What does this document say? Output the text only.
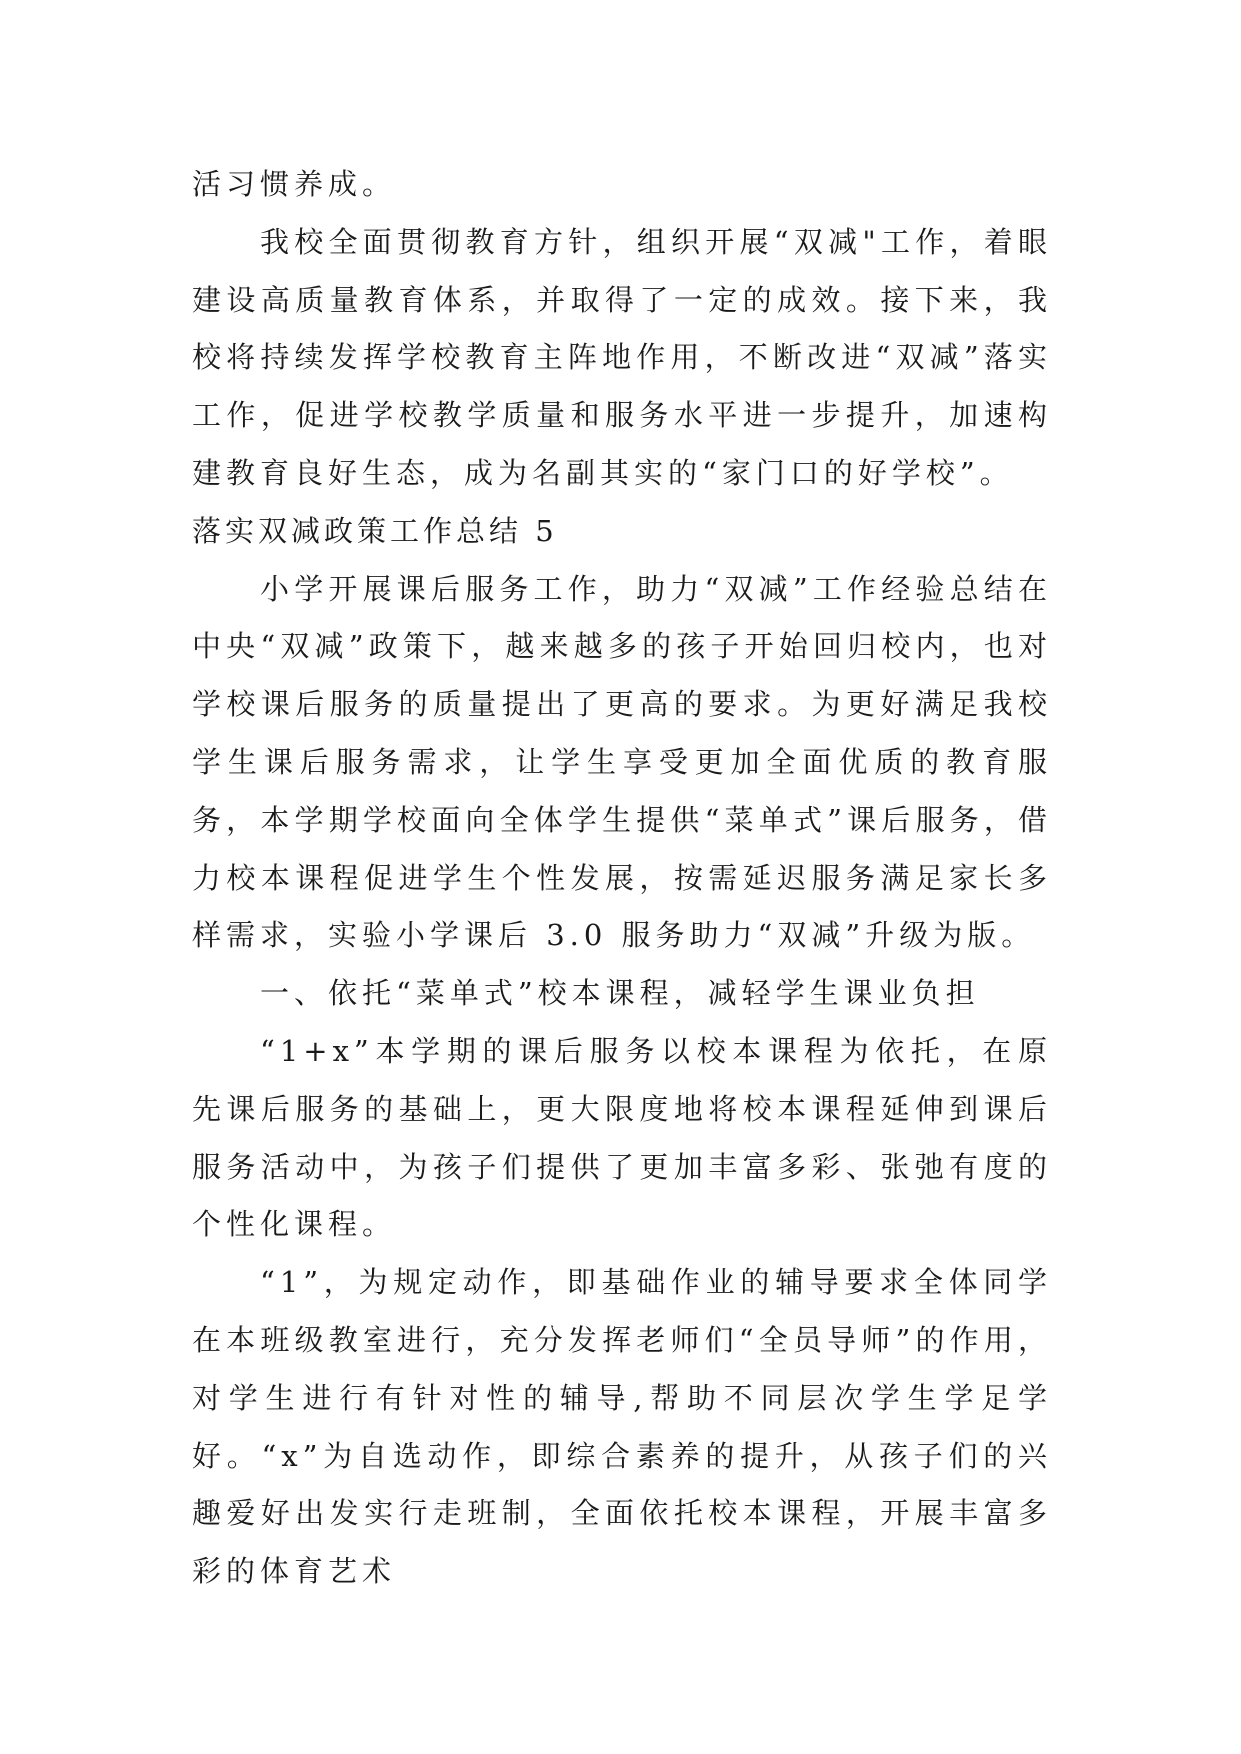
活习惯养成。

我校全面贯彻教育方针，组织开展“双减"工作，着眼建设高质量教育体系，并取得了一定的成效。接下来，我校将持续发挥学校教育主阵地作用，不断改进“双减”落实工作，促进学校教学质量和服务水平进一步提升，加速构建教育良好生态，成为名副其实的“家门口的好学校”。

落实双减政策工作总结 5

小学开展课后服务工作，助力“双减”工作经验总结在中央“双减”政策下，越来越多的孩子开始回归校内，也对学校课后服务的质量提出了更高的要求。为更好满足我校学生课后服务需求，让学生享受更加全面优质的教育服务，本学期学校面向全体学生提供“菜单式”课后服务，借力校本课程促进学生个性发展，按需延迟服务满足家长多样需求，实验小学课后 3.0 服务助力“双减”升级为版。

一、依托“菜单式”校本课程，减轻学生课业负担

“1+x”本学期的课后服务以校本课程为依托，在原先课后服务的基础上，更大限度地将校本课程延伸到课后服务活动中，为孩子们提供了更加丰富多彩、张弛有度的个性化课程。

“1”，为规定动作，即基础作业的辅导要求全体同学在本班级教室进行，充分发挥老师们“全员导师”的作用，对学生进行有针对性的辅导,帮助不同层次学生学足学好。“x”为自选动作，即综合素养的提升，从孩子们的兴趣爱好出发实行走班制，全面依托校本课程，开展丰富多彩的体育艺术
